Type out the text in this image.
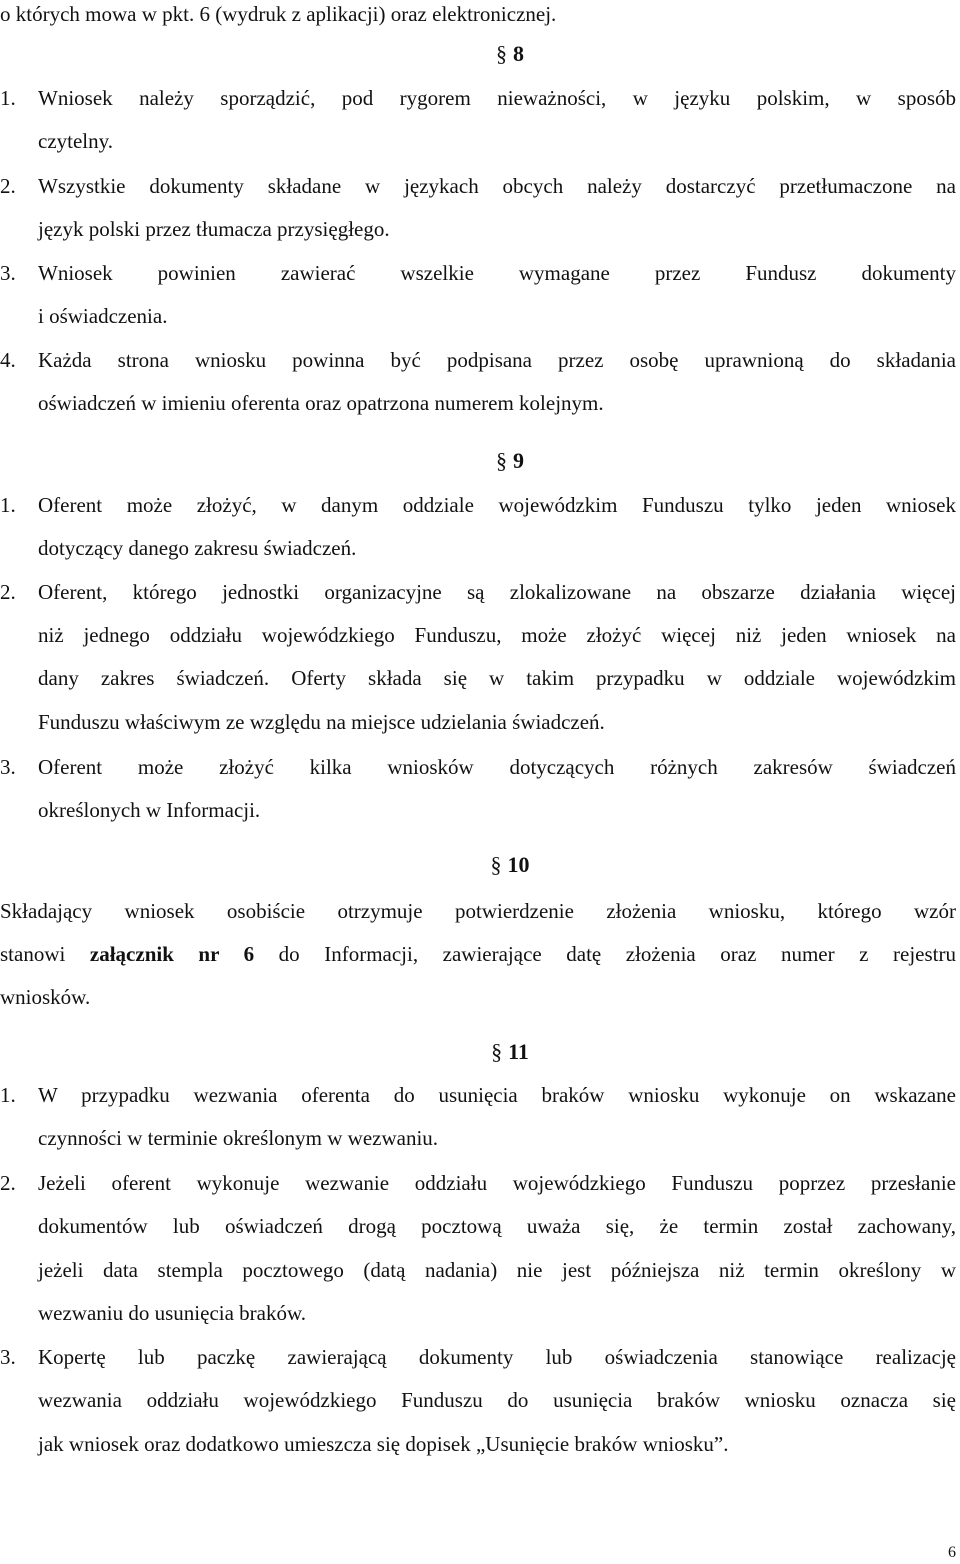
o których mowa w pkt. 6 (wydruk z aplikacji) oraz elektronicznej.
§ 8
1.	Wniosek należy sporządzić, pod rygorem nieważności, w języku polskim, w sposób
czytelny.
2.	Wszystkie dokumenty składane w językach obcych należy dostarczyć przetłumaczone na
język polski przez tłumacza przysięgłego.
3.	Wniosek powinien zawierać wszelkie wymagane przez Fundusz dokumenty
i oświadczenia.
4.	Każda strona wniosku powinna być podpisana przez osobę uprawnioną do składania
oświadczeń w imieniu oferenta oraz opatrzona numerem kolejnym.
§ 9
1.	Oferent może złożyć, w danym oddziale wojewódzkim Funduszu tylko jeden wniosek
dotyczący danego zakresu świadczeń.
2.	Oferent, którego jednostki organizacyjne są zlokalizowane na obszarze działania więcej
niż jednego oddziału wojewódzkiego Funduszu, może złożyć więcej niż jeden wniosek na
dany zakres świadczeń. Oferty składa się w takim przypadku w oddziale wojewódzkim
Funduszu właściwym ze względu na miejsce udzielania świadczeń.
3.	Oferent może złożyć kilka wniosków dotyczących różnych zakresów świadczeń
określonych w Informacji.
§ 10
Składający wniosek osobiście otrzymuje potwierdzenie złożenia wniosku, którego wzór
stanowi załącznik nr 6 do Informacji, zawierające datę złożenia oraz numer z rejestru
wniosków.
§ 11
1.	W przypadku wezwania oferenta do usunięcia braków wniosku wykonuje on wskazane
czynności w terminie określonym w wezwaniu.
2.	Jeżeli oferent wykonuje wezwanie oddziału wojewódzkiego Funduszu poprzez przesłanie
dokumentów lub oświadczeń drogą pocztową uważa się, że termin został zachowany,
jeżeli data stempla pocztowego (datą nadania) nie jest późniejsza niż termin określony w
wezwaniu do usunięcia braków.
3.	Kopertę lub paczkę zawierającą dokumenty lub oświadczenia stanowiące realizację
wezwania oddziału wojewódzkiego Funduszu do usunięcia braków wniosku oznacza się
jak wniosek oraz dodatkowo umieszcza się dopisek „Usunięcie braków wniosku”.
6
